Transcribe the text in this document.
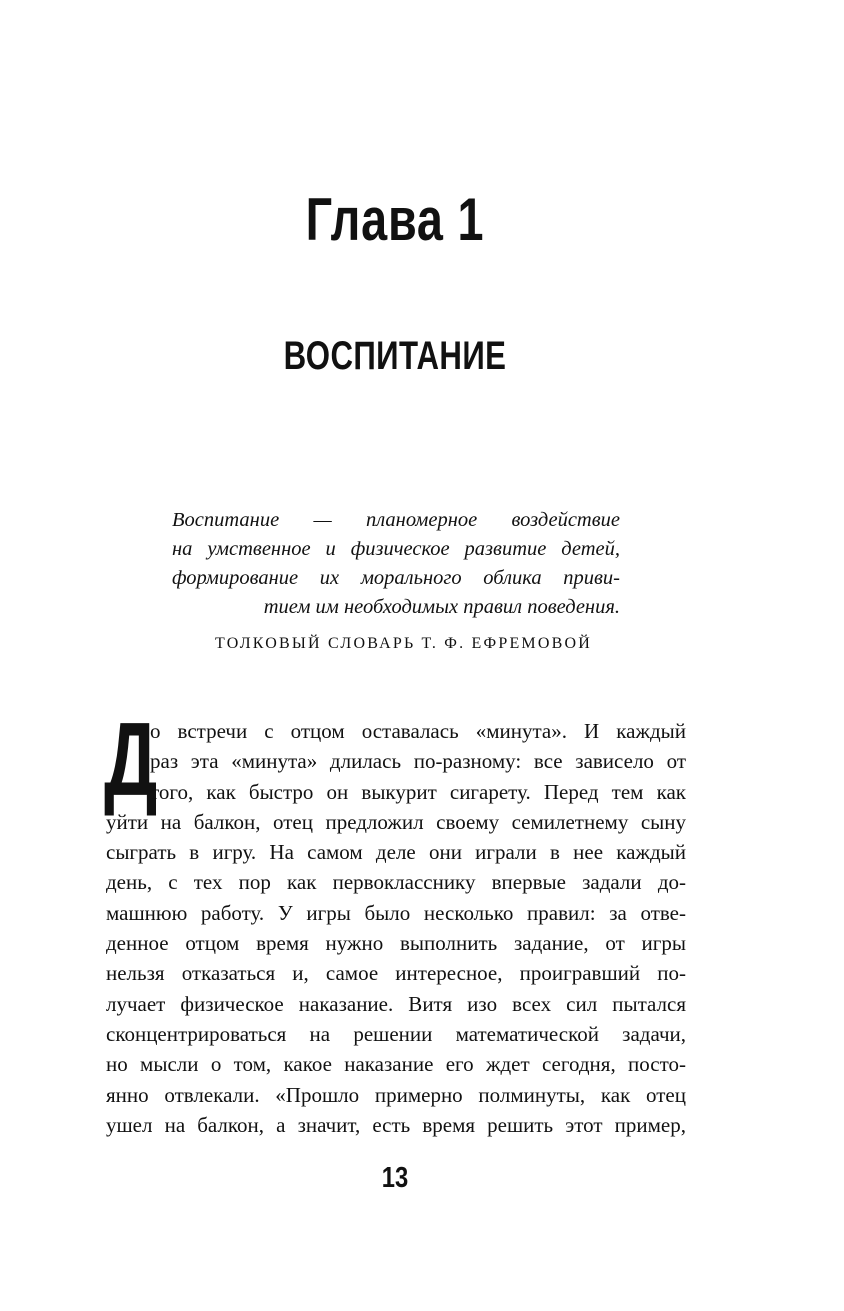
Глава 1
ВОСПИТАНИЕ
Воспитание — планомерное воздействие
на умственное и физическое развитие детей,
формирование их морального облика приви-
тием им необходимых правил поведения.
ТОЛКОВЫЙ СЛОВАРЬ Т. Ф. ЕФРЕМОВОЙ
Д
о встречи с отцом оставалась «минута». И каждый
раз эта «минута» длилась по-разному: все зависело от
того, как быстро он выкурит сигарету. Перед тем как
уйти на балкон, отец предложил своему семилетнему сыну
сыграть в игру. На самом деле они играли в нее каждый
день, с тех пор как первокласснику впервые задали до-
машнюю работу. У игры было несколько правил: за отве-
денное отцом время нужно выполнить задание, от игры
нельзя отказаться и, самое интересное, проигравший по-
лучает физическое наказание. Витя изо всех сил пытался
сконцентрироваться на решении математической задачи,
но мысли о том, какое наказание его ждет сегодня, посто-
янно отвлекали. «Прошло примерно полминуты, как отец
ушел на балкон, а значит, есть время решить этот пример,
13
